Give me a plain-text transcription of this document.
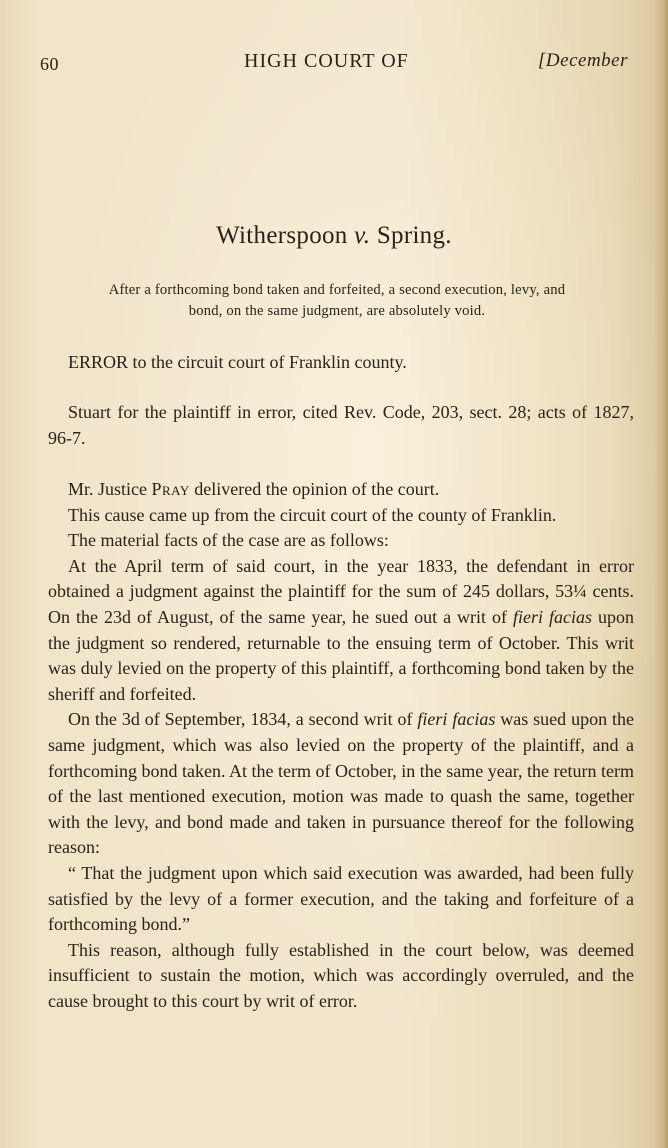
60	HIGH COURT OF	[December
Witherspoon v. Spring.
After a forthcoming bond taken and forfeited, a second execution, levy, and
bond, on the same judgment, are absolutely void.

ERROR to the circuit court of Franklin county.

Stuart for the plaintiff in error, cited Rev. Code, 203, sect. 28; acts of 1827, 96-7.

Mr. Justice Pray delivered the opinion of the court.

This cause came up from the circuit court of the county of Franklin.

The material facts of the case are as follows:

At the April term of said court, in the year 1833, the defendant in error obtained a judgment against the plaintiff for the sum of 245 dollars, 53¼ cents. On the 23d of August, of the same year, he sued out a writ of fieri facias upon the judgment so rendered, returnable to the ensuing term of October. This writ was duly levied on the property of this plaintiff, a forthcoming bond taken by the sheriff and forfeited.

On the 3d of September, 1834, a second writ of fieri facias was sued upon the same judgment, which was also levied on the property of the plaintiff, and a forthcoming bond taken. At the term of October, in the same year, the return term of the last mentioned execution, motion was made to quash the same, together with the levy, and bond made and taken in pursuance thereof for the following reason:

“ That the judgment upon which said execution was awarded, had been fully satisfied by the levy of a former execution, and the taking and forfeiture of a forthcoming bond.”

This reason, although fully established in the court below, was deemed insufficient to sustain the motion, which was accordingly overruled, and the cause brought to this court by writ of error.
